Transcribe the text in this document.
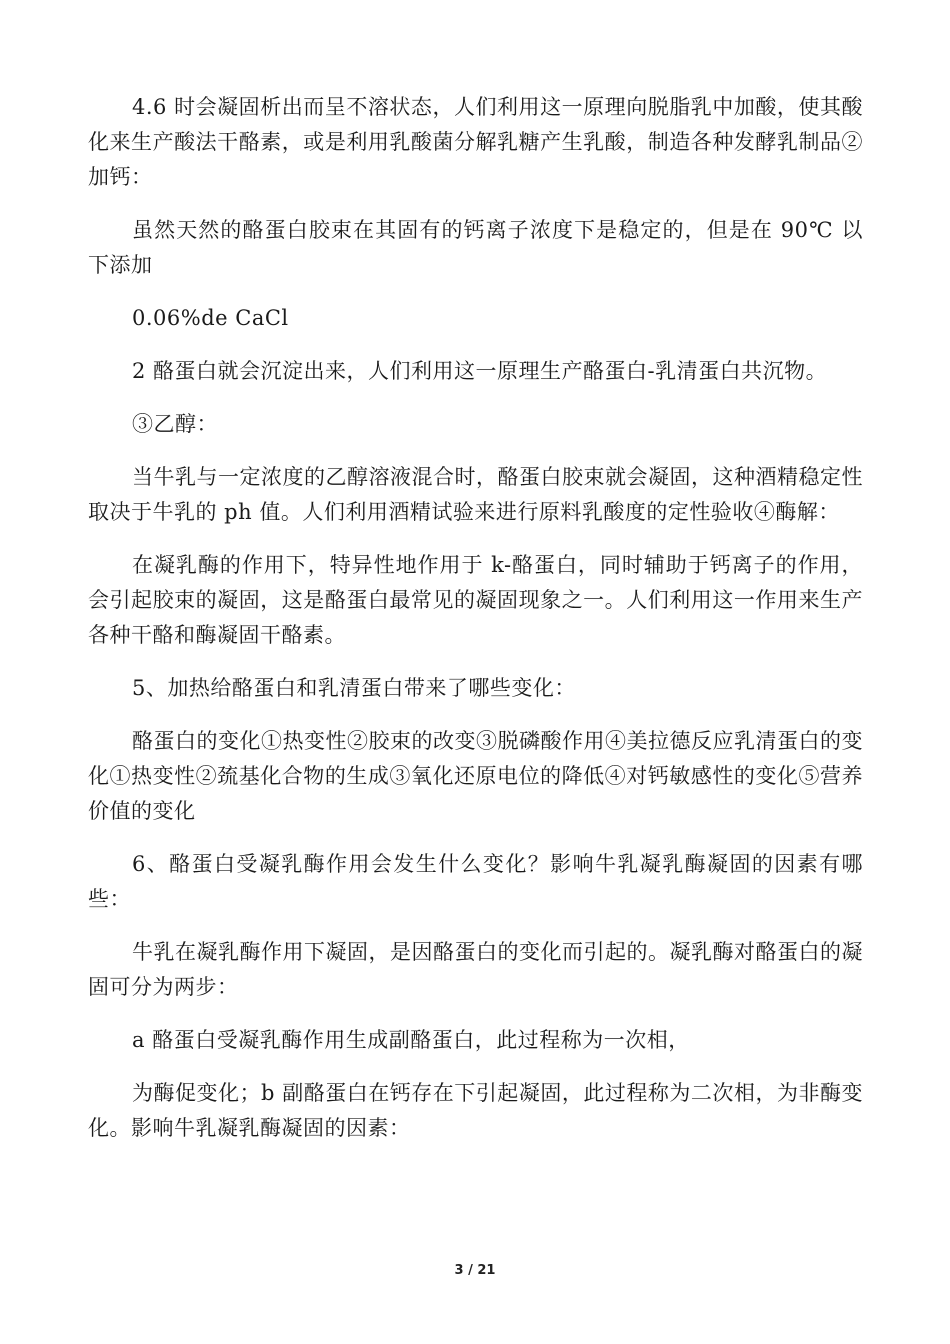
4.6 时会凝固析出而呈不溶状态，人们利用这一原理向脱脂乳中加酸，使其酸化来生产酸法干酪素，或是利用乳酸菌分解乳糖产生乳酸，制造各种发酵乳制品②加钙：

虽然天然的酪蛋白胶束在其固有的钙离子浓度下是稳定的，但是在 90℃ 以下添加

0.06%de CaCl

2 酪蛋白就会沉淀出来，人们利用这一原理生产酪蛋白-乳清蛋白共沉物。

③乙醇：

当牛乳与一定浓度的乙醇溶液混合时，酪蛋白胶束就会凝固，这种酒精稳定性取决于牛乳的 ph 值。人们利用酒精试验来进行原料乳酸度的定性验收④酶解：

在凝乳酶的作用下，特异性地作用于 k-酪蛋白，同时辅助于钙离子的作用，会引起胶束的凝固，这是酪蛋白最常见的凝固现象之一。人们利用这一作用来生产各种干酪和酶凝固干酪素。

5、加热给酪蛋白和乳清蛋白带来了哪些变化：

酪蛋白的变化①热变性②胶束的改变③脱磷酸作用④美拉德反应乳清蛋白的变化①热变性②巯基化合物的生成③氧化还原电位的降低④对钙敏感性的变化⑤营养价值的变化

6、酪蛋白受凝乳酶作用会发生什么变化？影响牛乳凝乳酶凝固的因素有哪些：

牛乳在凝乳酶作用下凝固，是因酪蛋白的变化而引起的。凝乳酶对酪蛋白的凝固可分为两步：

a 酪蛋白受凝乳酶作用生成副酪蛋白，此过程称为一次相，

为酶促变化；b 副酪蛋白在钙存在下引起凝固，此过程称为二次相，为非酶变化。影响牛乳凝乳酶凝固的因素：

3 / 21
